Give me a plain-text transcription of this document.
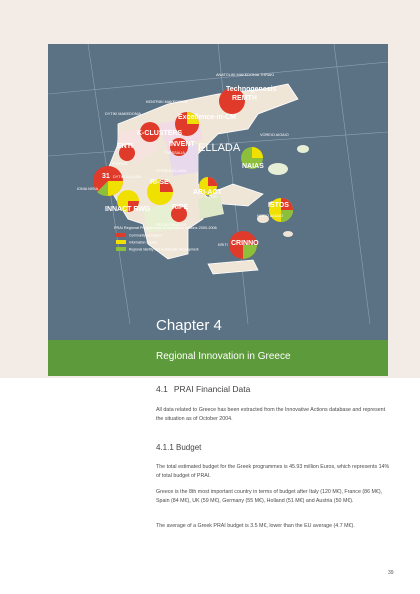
Technogenesis
REMTH
Excellence-in-CM
K-CLUSTERS
INVENT
ENTI
31
RI-SE
NAIAS
ARI-ACT
RIPE
INNACT RWG
ISTOS
CRINNO
ELLADA
ANATOLIKI MAKEDONIA THRAKI
KENTRIKI MAKEDONIA
DYTIKI MAKEDONIA
THESSALIA
IPEIROS
STEREA ELLADA
DYTIKI ELLADA
IONIA NISIA
PELOPONNISOS
ATTIKI
VOREIO AIGAIO
NOTIO AIGAIO
KRITI
PRAI Regional Programmes of Innovative Actions 2000-2006
Community Innovation
Information Society
Regional Identity and Sustainable Development
Chapter 4
Regional Innovation in Greece
4.1 PRAI Financial Data
All data related to Greece has been extracted from the Innovative Actions database and represent the situation as of October 2004.
4.1.1 Budget
The total estimated budget for the Greek programmes is 45.93 million Euros, which represents 14% of total budget of PRAI.
Greece is the 8th most important country in terms of budget after Italy (120 M€), France (86 M€), Spain (84 M€), UK (59 M€), Germany (55 M€), Holland (51 M€) and Austria (50 M€).
The average of a Greek PRAI budget is 3.5 M€, lower than the EU average (4.7 M€).
39
